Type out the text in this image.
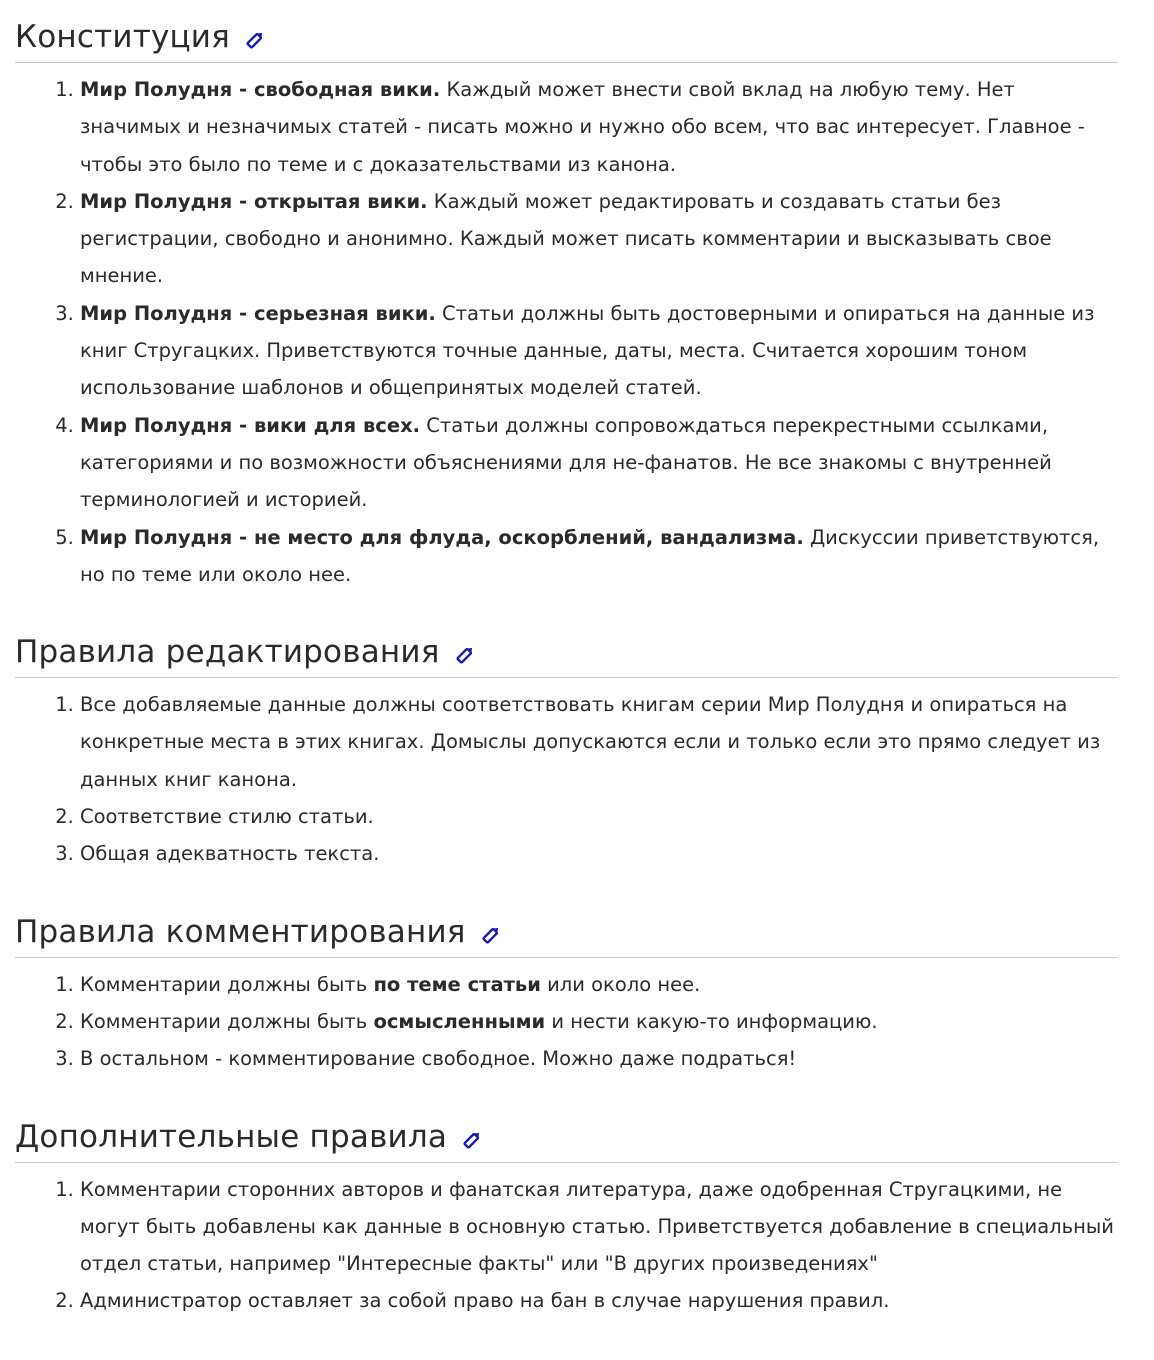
Конституция
1. Мир Полудня - свободная вики. Каждый может внести свой вклад на любую тему. Нет значимых и незначимых статей - писать можно и нужно обо всем, что вас интересует. Главное - чтобы это было по теме и с доказательствами из канона.
2. Мир Полудня - открытая вики. Каждый может редактировать и создавать статьи без регистрации, свободно и анонимно. Каждый может писать комментарии и высказывать свое мнение.
3. Мир Полудня - серьезная вики. Статьи должны быть достоверными и опираться на данные из книг Стругацких. Приветствуются точные данные, даты, места. Считается хорошим тоном использование шаблонов и общепринятых моделей статей.
4. Мир Полудня - вики для всех. Статьи должны сопровождаться перекрестными ссылками, категориями и по возможности объяснениями для не-фанатов. Не все знакомы с внутренней терминологией и историей.
5. Мир Полудня - не место для флуда, оскорблений, вандализма. Дискуссии приветствуются, но по теме или около нее.
Правила редактирования
1. Все добавляемые данные должны соответствовать книгам серии Мир Полудня и опираться на конкретные места в этих книгах. Домыслы допускаются если и только если это прямо следует из данных книг канона.
2. Соответствие стилю статьи.
3. Общая адекватность текста.
Правила комментирования
1. Комментарии должны быть по теме статьи или около нее.
2. Комментарии должны быть осмысленными и нести какую-то информацию.
3. В остальном - комментирование свободное. Можно даже подраться!
Дополнительные правила
1. Комментарии сторонних авторов и фанатская литература, даже одобренная Стругацкими, не могут быть добавлены как данные в основную статью. Приветствуется добавление в специальный отдел статьи, например "Интересные факты" или "В других произведениях"
2. Администратор оставляет за собой право на бан в случае нарушения правил.
